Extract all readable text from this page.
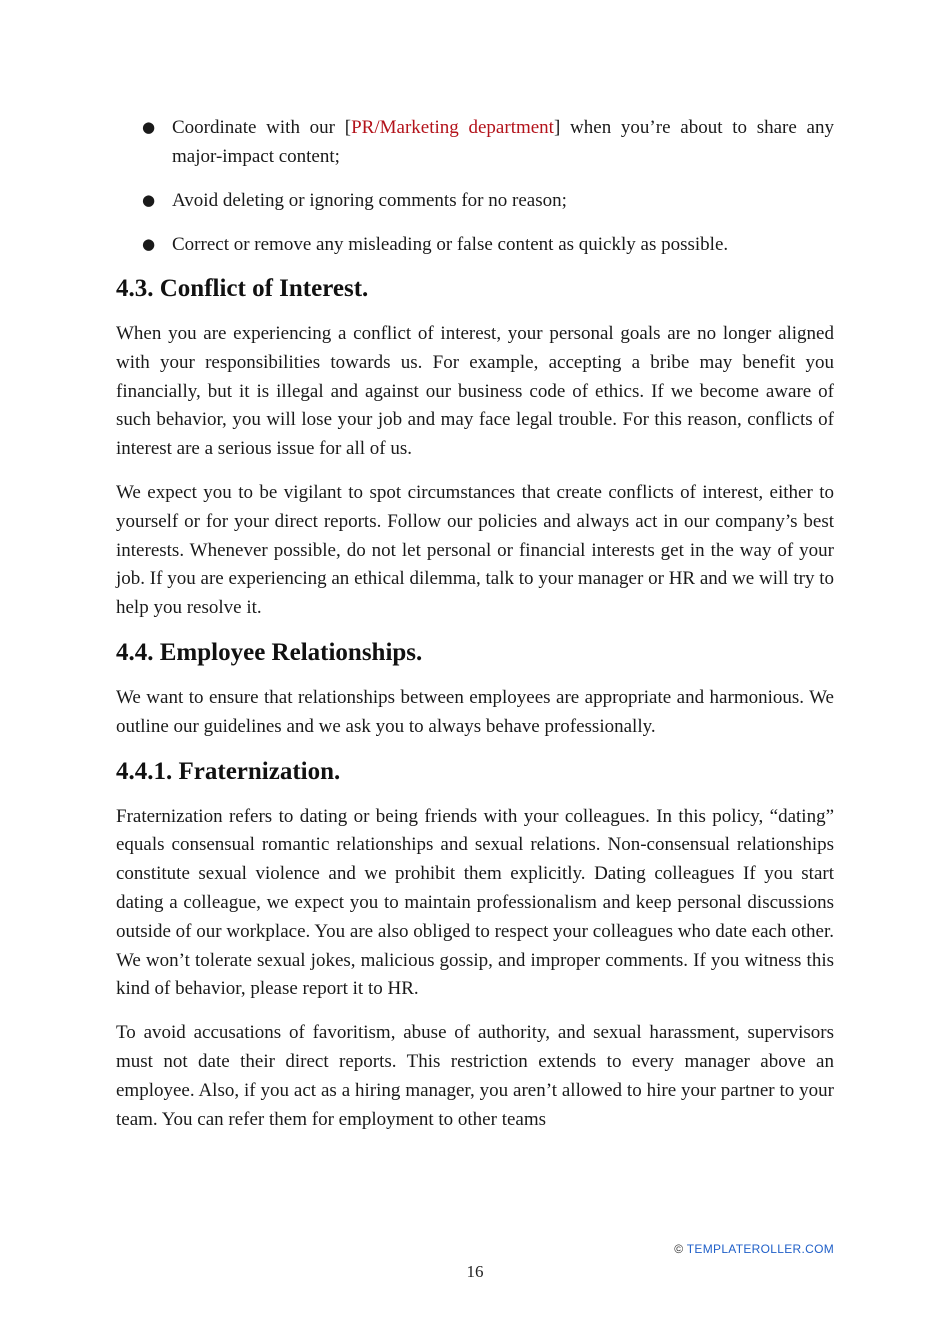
● Coordinate with our [PR/Marketing department] when you’re about to share any major-impact content;
● Avoid deleting or ignoring comments for no reason;
● Correct or remove any misleading or false content as quickly as possible.
4.3. Conflict of Interest.

When you are experiencing a conflict of interest, your personal goals are no longer aligned with your responsibilities towards us. For example, accepting a bribe may benefit you financially, but it is illegal and against our business code of ethics. If we become aware of such behavior, you will lose your job and may face legal trouble. For this reason, conflicts of interest are a serious issue for all of us.

We expect you to be vigilant to spot circumstances that create conflicts of interest, either to yourself or for your direct reports. Follow our policies and always act in our company’s best interests. Whenever possible, do not let personal or financial interests get in the way of your job. If you are experiencing an ethical dilemma, talk to your manager or HR and we will try to help you resolve it.

4.4. Employee Relationships.

We want to ensure that relationships between employees are appropriate and harmonious. We outline our guidelines and we ask you to always behave professionally.

4.4.1. Fraternization.

Fraternization refers to dating or being friends with your colleagues. In this policy, “dating” equals consensual romantic relationships and sexual relations. Non-consensual relationships constitute sexual violence and we prohibit them explicitly. Dating colleagues If you start dating a colleague, we expect you to maintain professionalism and keep personal discussions outside of our workplace. You are also obliged to respect your colleagues who date each other. We won’t tolerate sexual jokes, malicious gossip, and improper comments. If you witness this kind of behavior, please report it to HR.

To avoid accusations of favoritism, abuse of authority, and sexual harassment, supervisors must not date their direct reports. This restriction extends to every manager above an employee. Also, if you act as a hiring manager, you aren’t allowed to hire your partner to your team. You can refer them for employment to other teams

© TEMPLATEROLLER.COM
16
